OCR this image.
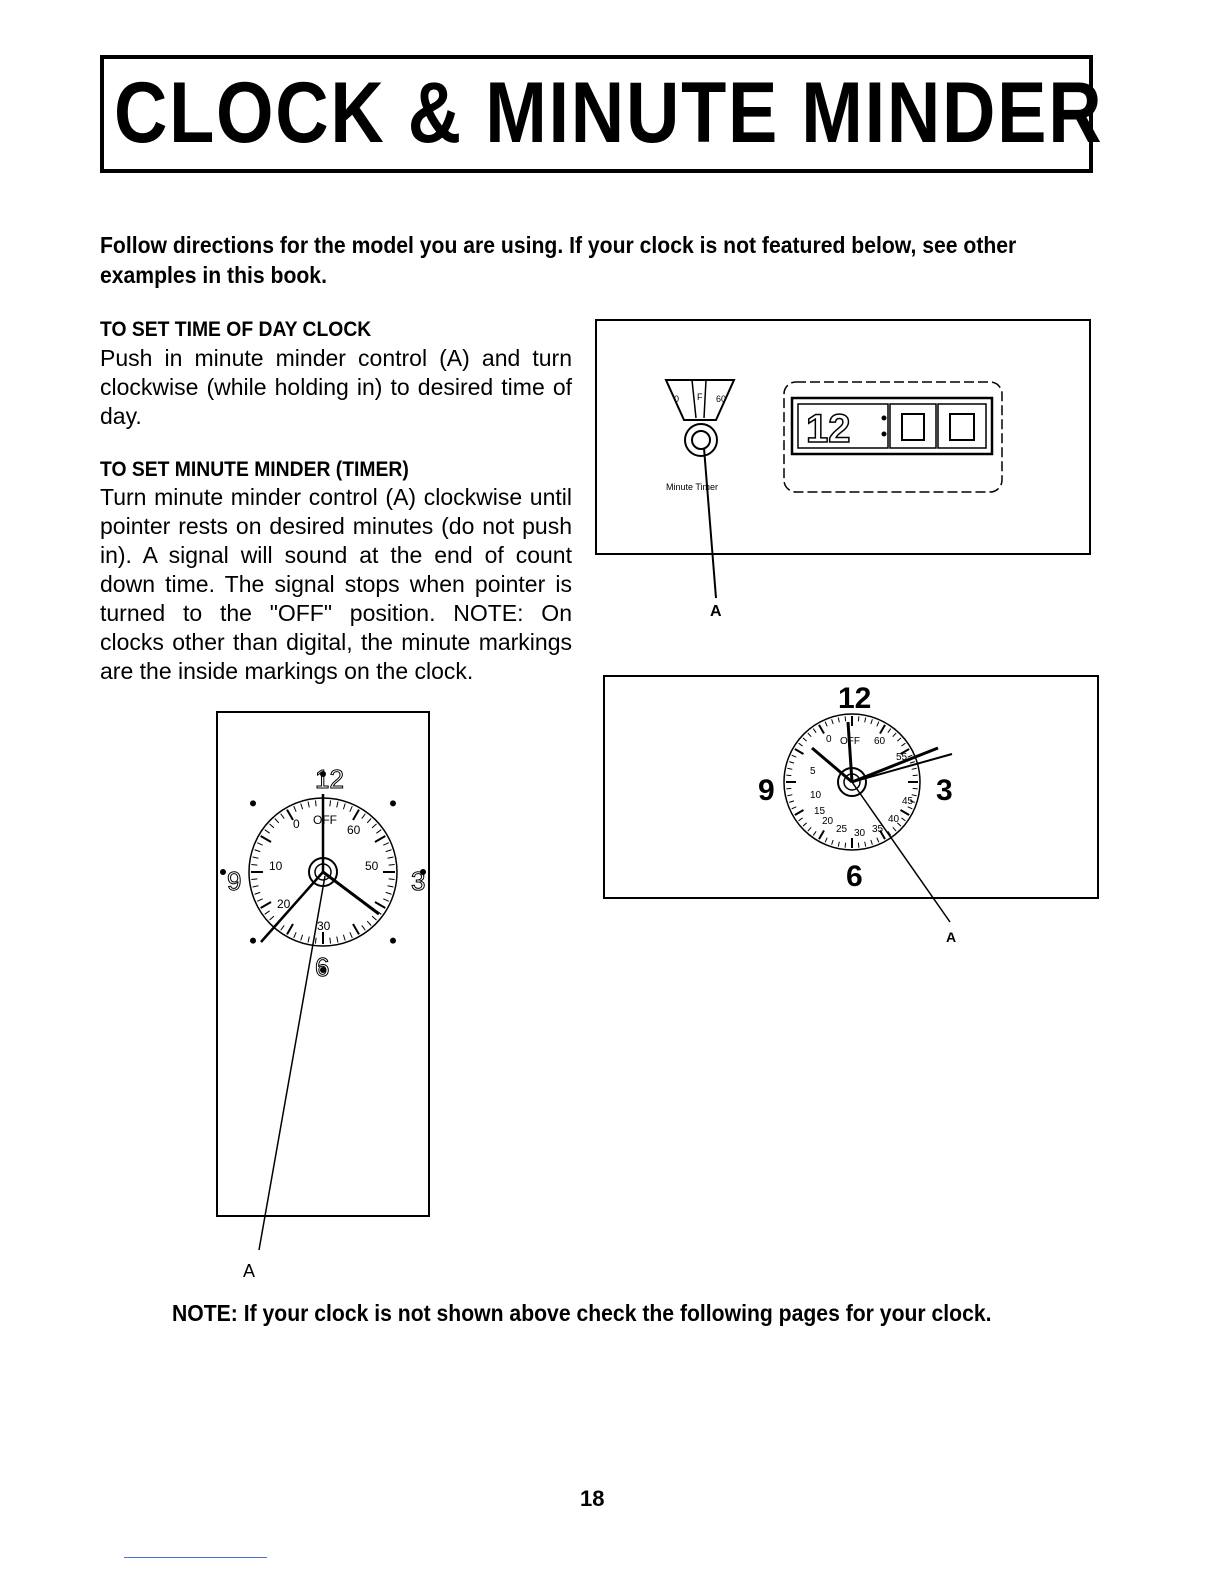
CLOCK & MINUTE MINDER
Follow directions for the model you are using. If your clock is not featured below, see other examples in this book.
TO SET TIME OF DAY CLOCK
Push in minute minder control (A) and turn clockwise (while holding in) to desired time of day.
TO SET MINUTE MINDER (TIMER)
Turn minute minder control (A) clockwise until pointer rests on desired minutes (do not push in). A signal will sound at the end of count down time. The signal stops when pointer is turned to the "OFF" position. NOTE: On clocks other than digital, the minute markings are the inside markings on the clock.
0 F 60
Minute Timer
A
12
12
3
6
9
OFF
0
10
20
30
50
60
A
12
3
6
9
OFF
0
5
10
15
20
25 30 35
40
45
55
60
A
NOTE: If your clock is not shown above check the following pages for your clock.
18
